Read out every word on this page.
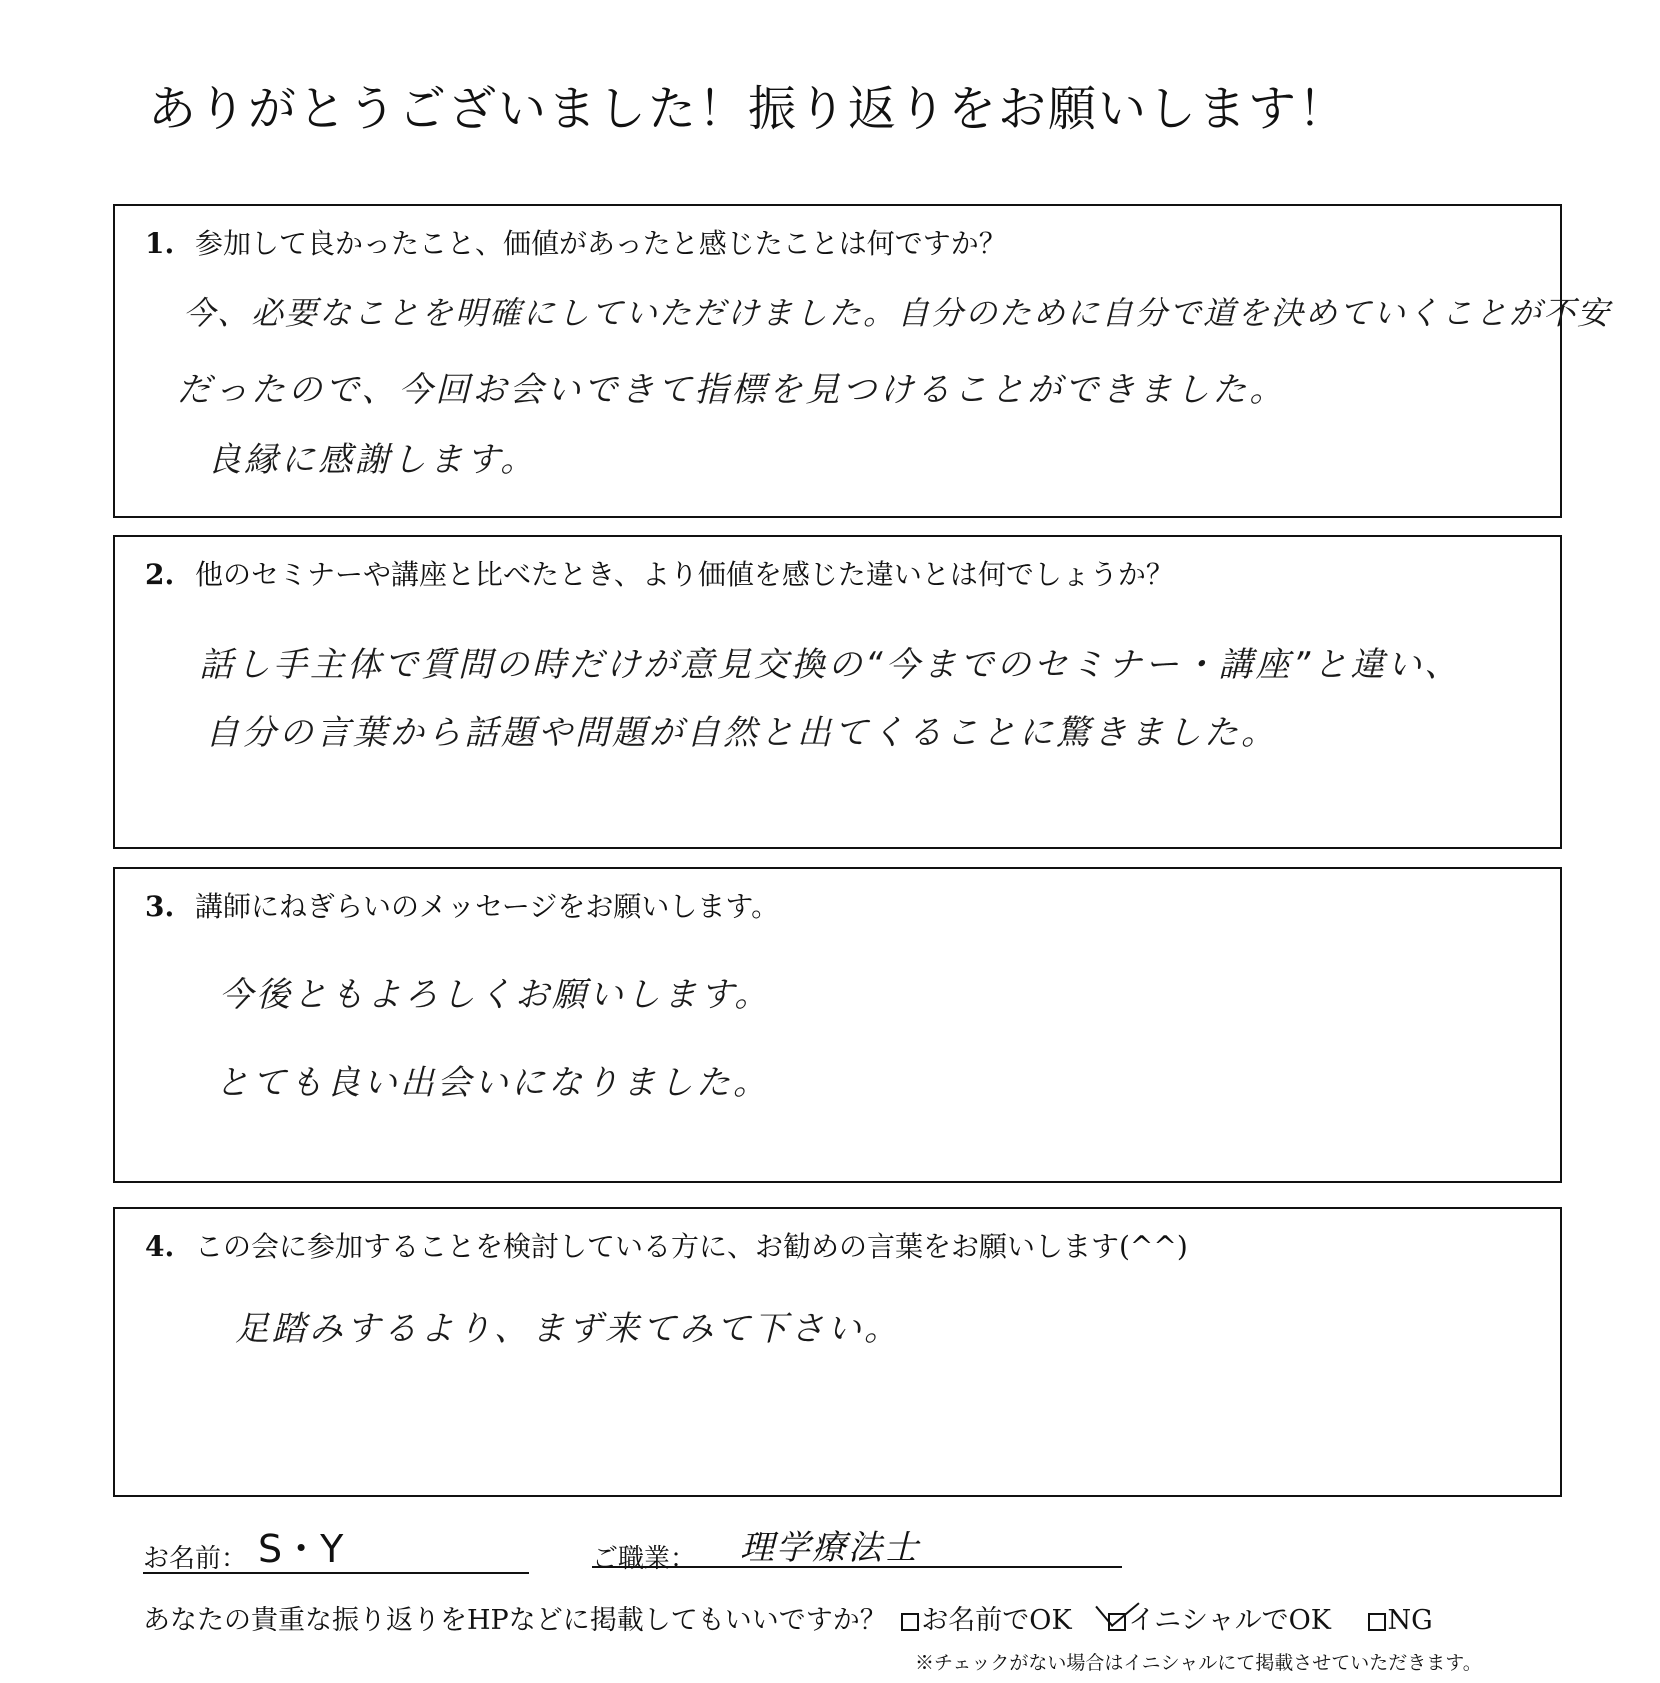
ありがとうございました！振り返りをお願いします！
1. 参加して良かったこと、価値があったと感じたことは何ですか？
今、必要なことを明確にしていただけました。自分のために自分で道を決めていくことが不安
だったので、今回お会いできて指標を見つけることができました。
良縁に感謝します。
2. 他のセミナーや講座と比べたとき、より価値を感じた違いとは何でしょうか？
話し手主体で質問の時だけが意見交換の“今までのセミナー・講座”と違い、
自分の言葉から話題や問題が自然と出てくることに驚きました。
3. 講師にねぎらいのメッセージをお願いします。
今後ともよろしくお願いします。
とても良い出会いになりました。
4. この会に参加することを検討している方に、お勧めの言葉をお願いします(^^)
足踏みするより、まず来てみて下さい。
お名前： S・Y	ご職業： 理学療法士
あなたの貴重な振り返りをHPなどに掲載してもいいですか？ お名前でOK イニシャルでOK NG
※チェックがない場合はイニシャルにて掲載させていただきます。
